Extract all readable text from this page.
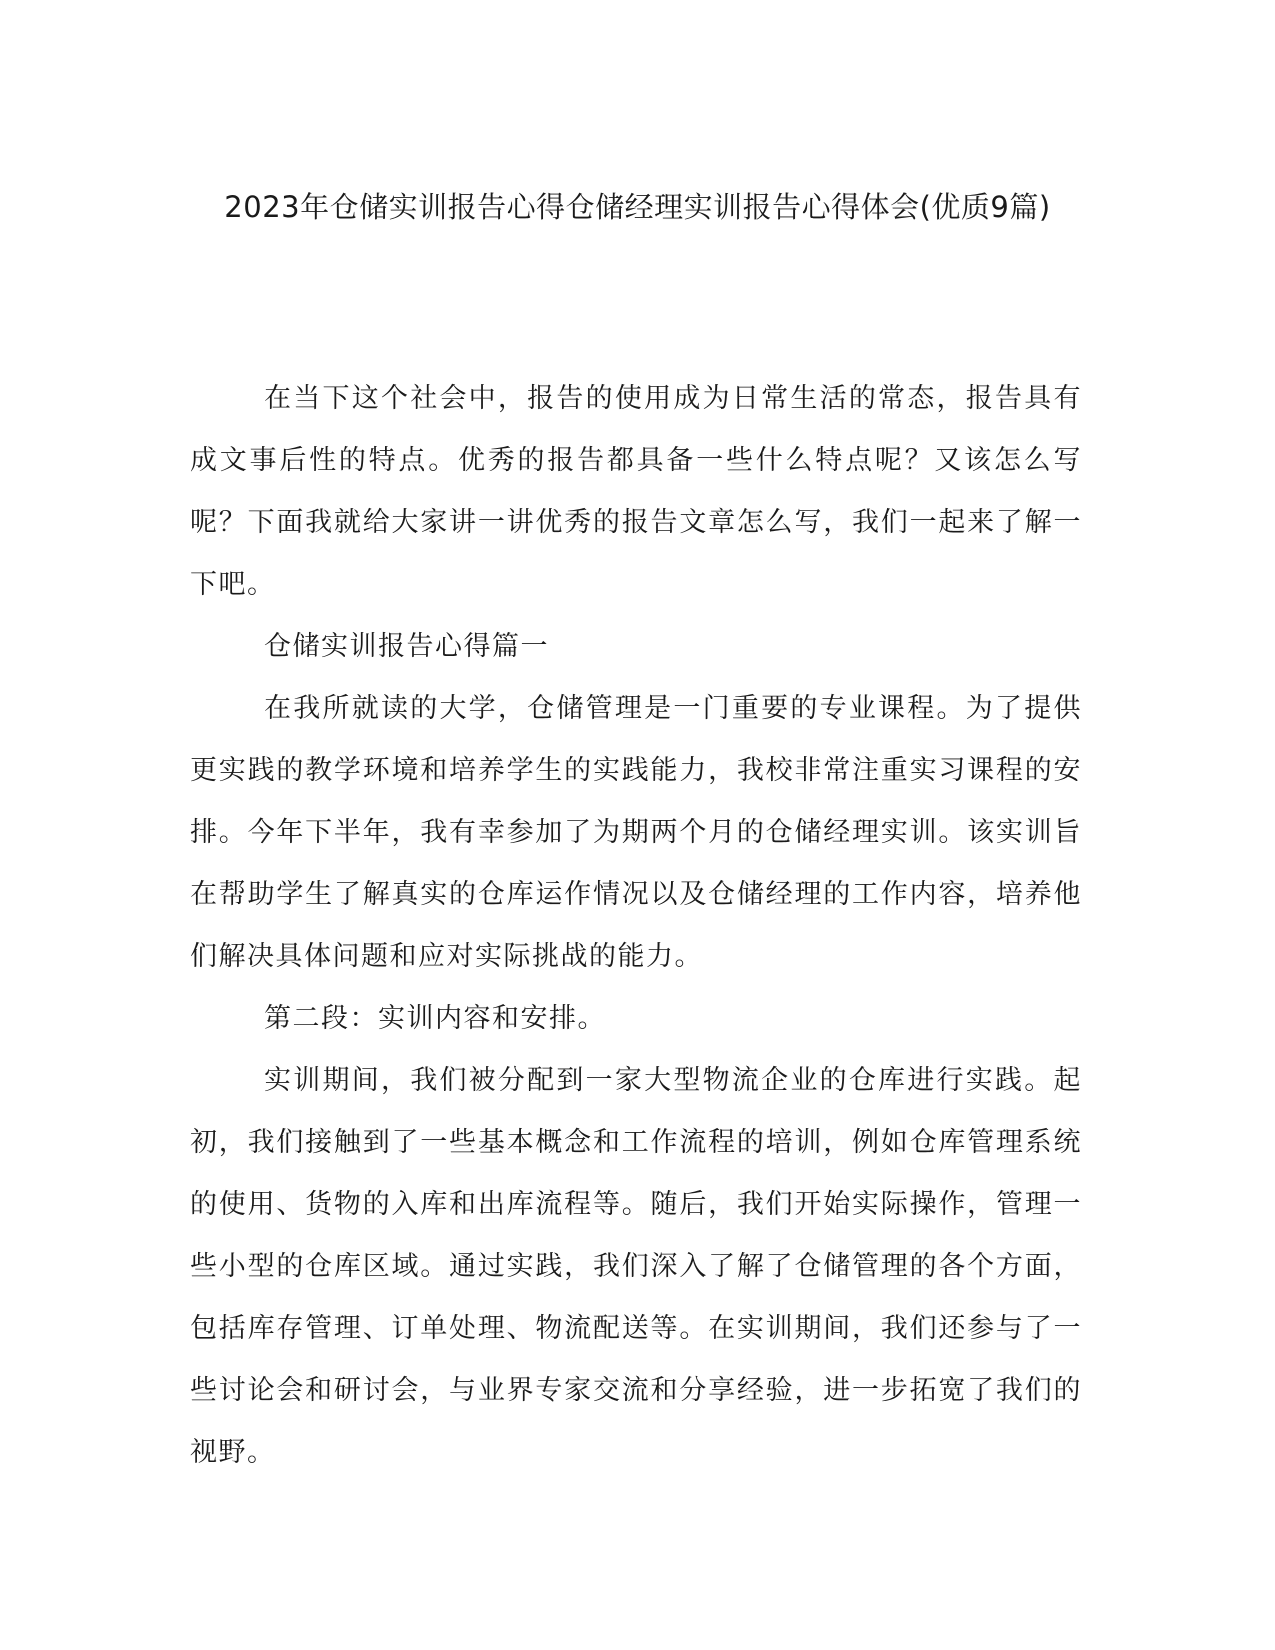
2023年仓储实训报告心得仓储经理实训报告心得体会(优质9篇)

在当下这个社会中，报告的使用成为日常生活的常态，报告具有成文事后性的特点。优秀的报告都具备一些什么特点呢？又该怎么写呢？下面我就给大家讲一讲优秀的报告文章怎么写，我们一起来了解一下吧。

仓储实训报告心得篇一

在我所就读的大学，仓储管理是一门重要的专业课程。为了提供更实践的教学环境和培养学生的实践能力，我校非常注重实习课程的安排。今年下半年，我有幸参加了为期两个月的仓储经理实训。该实训旨在帮助学生了解真实的仓库运作情况以及仓储经理的工作内容，培养他们解决具体问题和应对实际挑战的能力。

第二段：实训内容和安排。

实训期间，我们被分配到一家大型物流企业的仓库进行实践。起初，我们接触到了一些基本概念和工作流程的培训，例如仓库管理系统的使用、货物的入库和出库流程等。随后，我们开始实际操作，管理一些小型的仓库区域。通过实践，我们深入了解了仓储管理的各个方面，包括库存管理、订单处理、物流配送等。在实训期间，我们还参与了一些讨论会和研讨会，与业界专家交流和分享经验，进一步拓宽了我们的视野。
